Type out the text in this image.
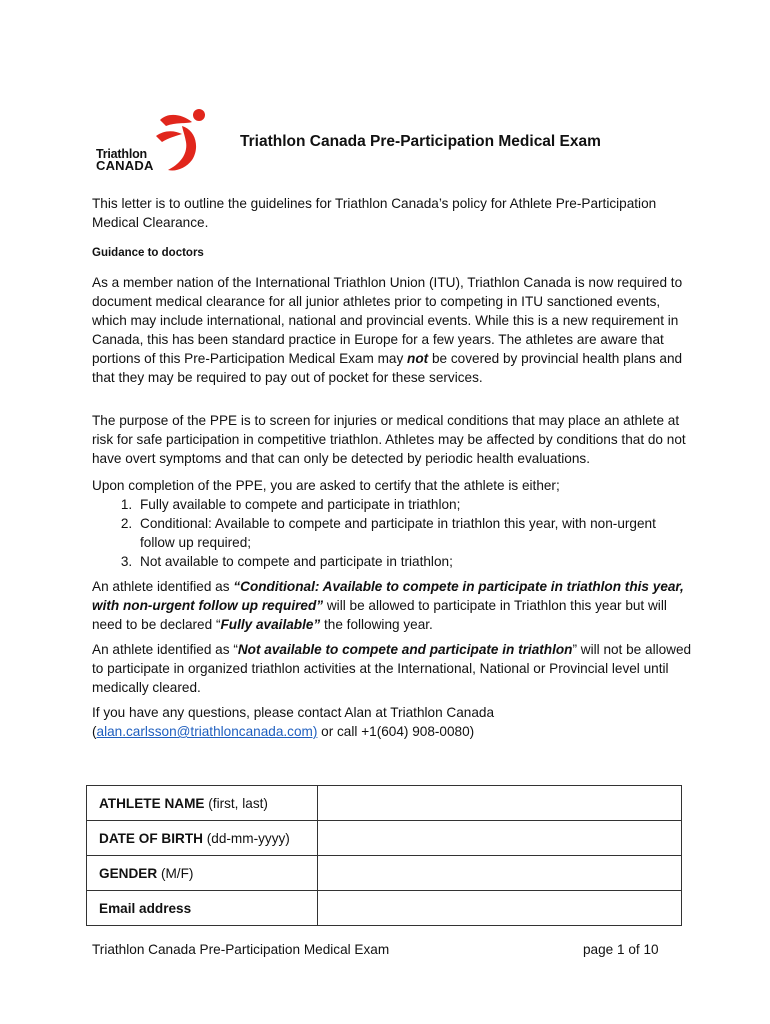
Triathlon
CANADA
Triathlon Canada Pre-Participation Medical Exam

This letter is to outline the guidelines for Triathlon Canada’s policy for Athlete Pre-Participation Medical Clearance.

Guidance to doctors

As a member nation of the International Triathlon Union (ITU), Triathlon Canada is now required to document medical clearance for all junior athletes prior to competing in ITU sanctioned events, which may include international, national and provincial events. While this is a new requirement in Canada, this has been standard practice in Europe for a few years. The athletes are aware that portions of this Pre-Participation Medical Exam may not be covered by provincial health plans and that they may be required to pay out of pocket for these services.

The purpose of the PPE is to screen for injuries or medical conditions that may place an athlete at risk for safe participation in competitive triathlon. Athletes may be affected by conditions that do not have overt symptoms and that can only be detected by periodic health evaluations.

Upon completion of the PPE, you are asked to certify that the athlete is either;

1. Fully available to compete and participate in triathlon;
2. Conditional: Available to compete and participate in triathlon this year, with non-urgent follow up required;
3. Not available to compete and participate in triathlon;

An athlete identified as “Conditional: Available to compete in participate in triathlon this year, with non-urgent follow up required” will be allowed to participate in Triathlon this year but will need to be declared “Fully available” the following year.

An athlete identified as “Not available to compete and participate in triathlon” will not be allowed to participate in organized triathlon activities at the International, National or Provincial level until medically cleared.

If you have any questions, please contact Alan at Triathlon Canada
(alan.carlsson@triathloncanada.com) or call +1(604) 908-0080)

ATHLETE NAME (first, last)	
DATE OF BIRTH (dd-mm-yyyy)	
GENDER (M/F)	
Email address	
Triathlon Canada Pre-Participation Medical Exam	page 1 of 10
